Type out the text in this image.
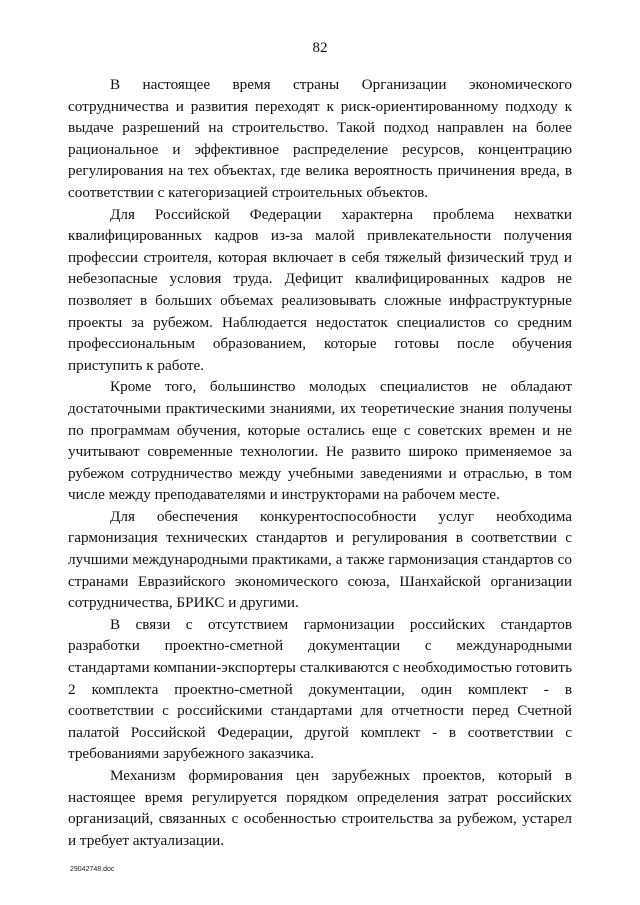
82

В настоящее время страны Организации экономического сотрудничества и развития переходят к риск-ориентированному подходу к выдаче разрешений на строительство. Такой подход направлен на более рациональное и эффективное распределение ресурсов, концентрацию регулирования на тех объектах, где велика вероятность причинения вреда, в соответствии с категоризацией строительных объектов.

Для Российской Федерации характерна проблема нехватки квалифицированных кадров из-за малой привлекательности получения профессии строителя, которая включает в себя тяжелый физический труд и небезопасные условия труда. Дефицит квалифицированных кадров не позволяет в больших объемах реализовывать сложные инфраструктурные проекты за рубежом. Наблюдается недостаток специалистов со средним профессиональным образованием, которые готовы после обучения приступить к работе.

Кроме того, большинство молодых специалистов не обладают достаточными практическими знаниями, их теоретические знания получены по программам обучения, которые остались еще с советских времен и не учитывают современные технологии. Не развито широко применяемое за рубежом сотрудничество между учебными заведениями и отраслью, в том числе между преподавателями и инструкторами на рабочем месте.

Для обеспечения конкурентоспособности услуг необходима гармонизация технических стандартов и регулирования в соответствии с лучшими международными практиками, а также гармонизация стандартов со странами Евразийского экономического союза, Шанхайской организации сотрудничества, БРИКС и другими.

В связи с отсутствием гармонизации российских стандартов разработки проектно-сметной документации с международными стандартами компании-экспортеры сталкиваются с необходимостью готовить 2 комплекта проектно-сметной документации, один комплект - в соответствии с российскими стандартами для отчетности перед Счетной палатой Российской Федерации, другой комплект - в соответствии с требованиями зарубежного заказчика.

Механизм формирования цен зарубежных проектов, который в настоящее время регулируется порядком определения затрат российских организаций, связанных с особенностью строительства за рубежом, устарел и требует актуализации.

29042748.doc
